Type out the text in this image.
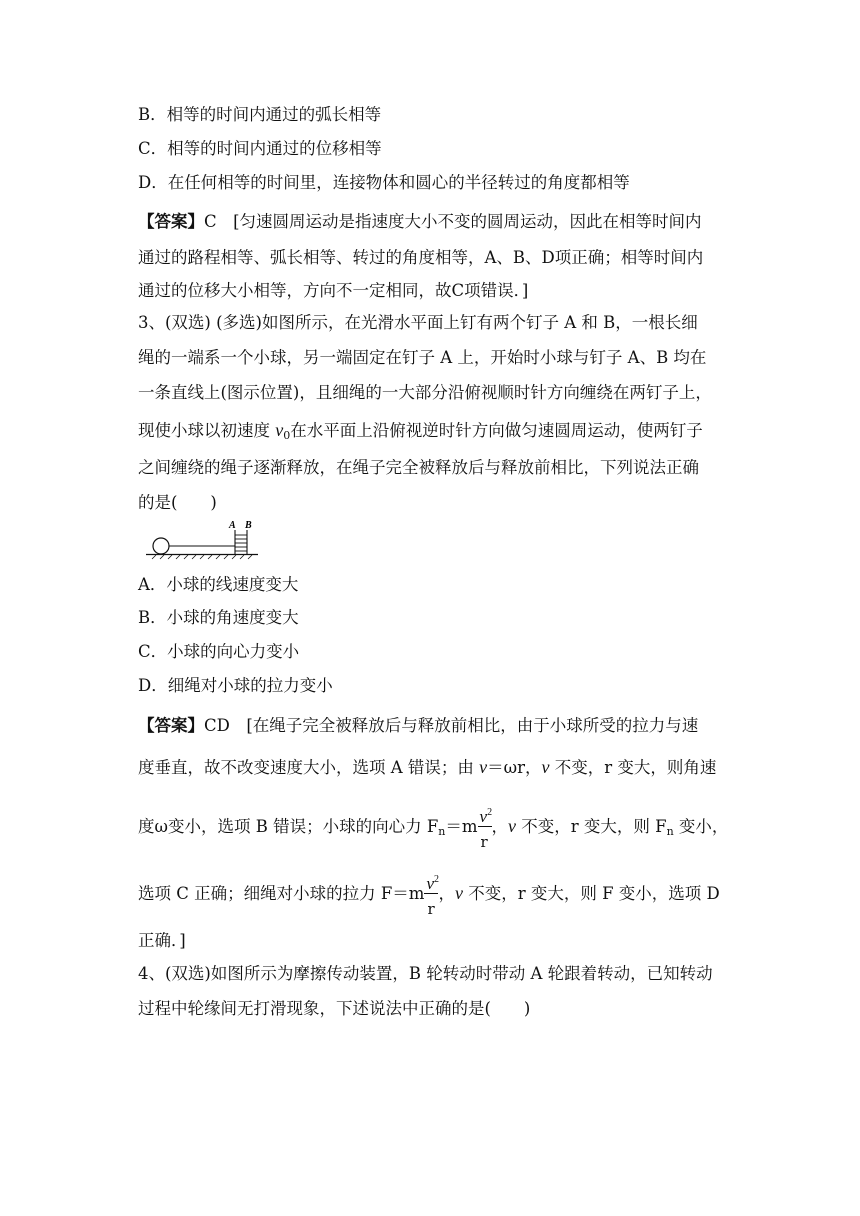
B．相等的时间内通过的弧长相等
C．相等的时间内通过的位移相等
D．在任何相等的时间里，连接物体和圆心的半径转过的角度都相等
【答案】C　[匀速圆周运动是指速度大小不变的圆周运动，因此在相等时间内
通过的路程相等、弧长相等、转过的角度相等，A、B、D项正确；相等时间内
通过的位移大小相等，方向不一定相同，故C项错误．]
3、(双选) (多选)如图所示，在光滑水平面上钉有两个钉子 A 和 B，一根长细
绳的一端系一个小球，另一端固定在钉子 A 上，开始时小球与钉子 A、B 均在
一条直线上(图示位置)，且细绳的一大部分沿俯视顺时针方向缠绕在两钉子上，
现使小球以初速度 $v_0$在水平面上沿俯视逆时针方向做匀速圆周运动，使两钉子
之间缠绕的绳子逐渐释放，在绳子完全被释放后与释放前相比，下列说法正确
的是(　　)
A B
A．小球的线速度变大
B．小球的角速度变大
C．小球的向心力变小
D．细绳对小球的拉力变小
【答案】CD　[在绳子完全被释放后与释放前相比，由于小球所受的拉力与速
度垂直，故不改变速度大小，选项 A 错误；由 v＝ωr，v 不变，r 变大，则角速
度ω变小，选项 B 错误；小球的向心力 $F_n=m \frac{v^2}{r}$ ，v 不变，r 变大，则 $F_n$ 变小，
选项 C 正确；细绳对小球的拉力 $F=m \frac{v^2}{r}$ ，v 不变，r 变大，则 F 变小，选项 D
正确．]
4、(双选)如图所示为摩擦传动装置，B 轮转动时带动 A 轮跟着转动，已知转动
过程中轮缘间无打滑现象，下述说法中正确的是(　　)
